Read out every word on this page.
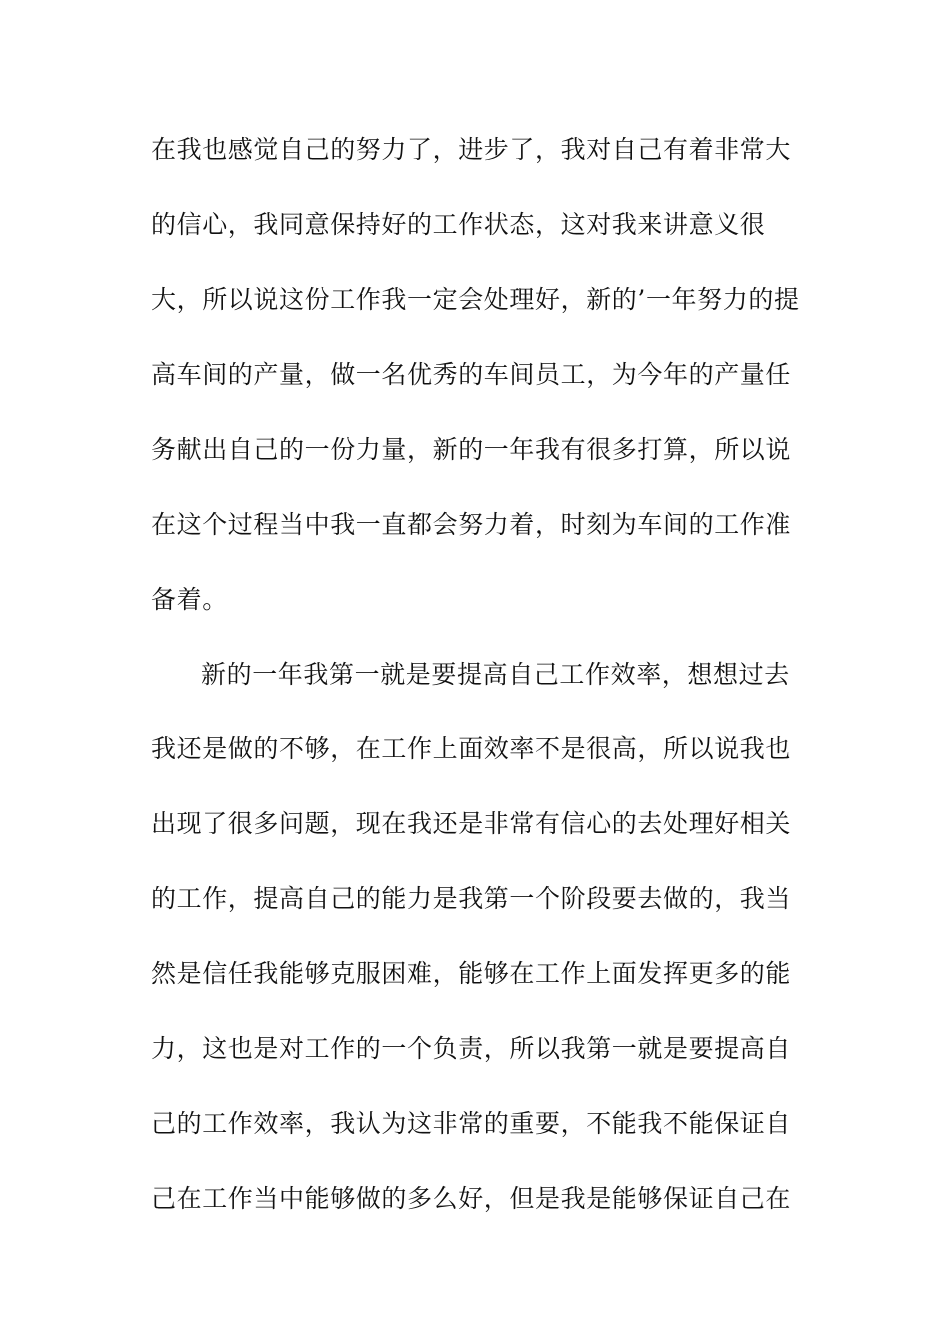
在我也感觉自己的努力了，进步了，我对自己有着非常大
的信心，我同意保持好的工作状态，这对我来讲意义很
大，所以说这份工作我一定会处理好，新的’一年努力的提
高车间的产量，做一名优秀的车间员工，为今年的产量任
务献出自己的一份力量，新的一年我有很多打算，所以说
在这个过程当中我一直都会努力着，时刻为车间的工作准
备着。
新的一年我第一就是要提高自己工作效率，想想过去
我还是做的不够，在工作上面效率不是很高，所以说我也
出现了很多问题，现在我还是非常有信心的去处理好相关
的工作，提高自己的能力是我第一个阶段要去做的，我当
然是信任我能够克服困难，能够在工作上面发挥更多的能
力，这也是对工作的一个负责，所以我第一就是要提高自
己的工作效率，我认为这非常的重要，不能我不能保证自
己在工作当中能够做的多么好，但是我是能够保证自己在
